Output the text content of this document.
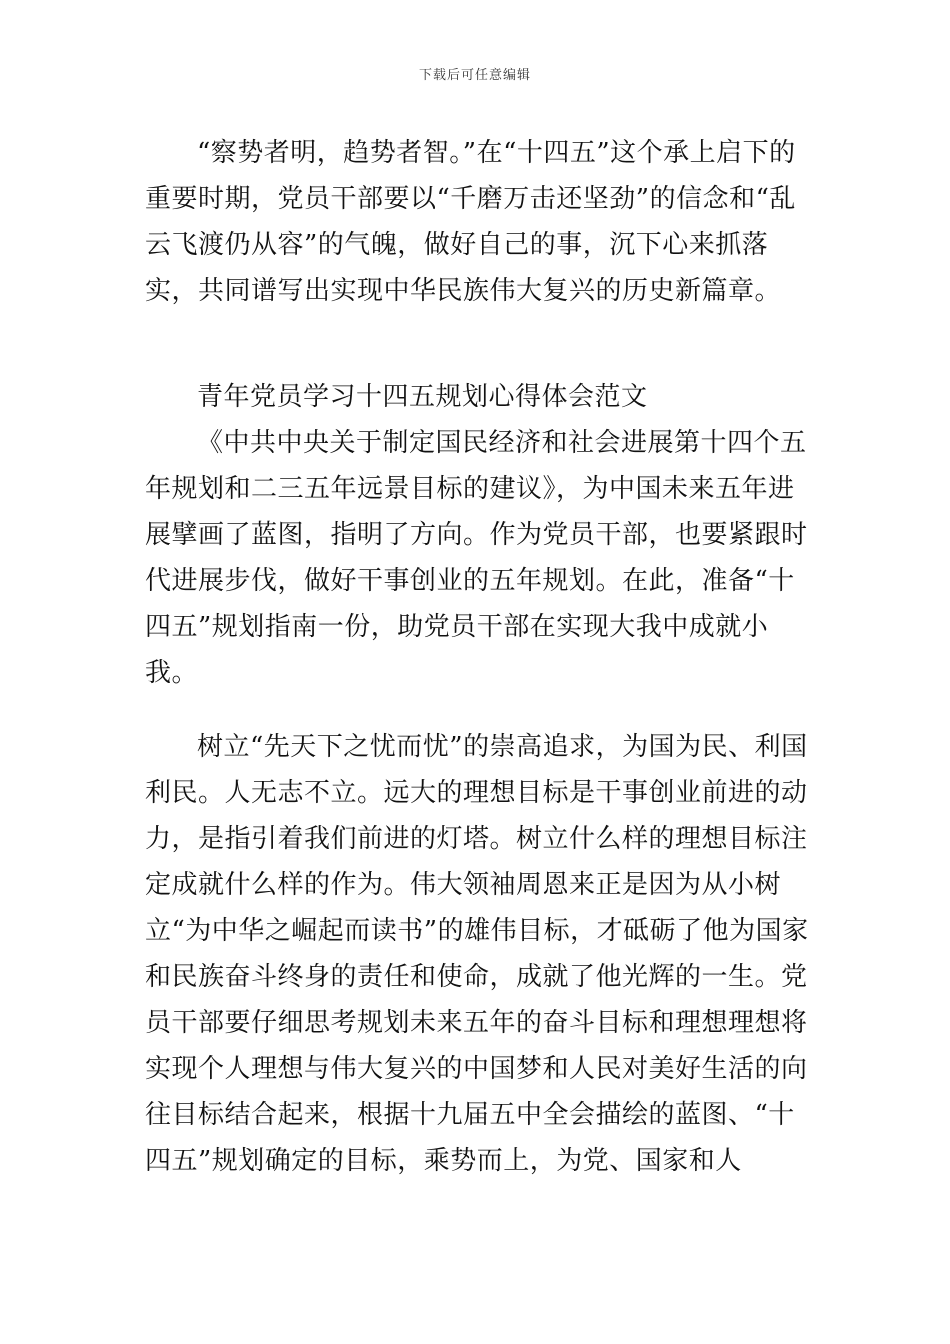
下载后可任意编辑

“察势者明，趋势者智。”在“十四五”这个承上启下的重要时期，党员干部要以“千磨万击还坚劲”的信念和“乱云飞渡仍从容”的气魄，做好自己的事，沉下心来抓落实，共同谱写出实现中华民族伟大复兴的历史新篇章。

青年党员学习十四五规划心得体会范文

《中共中央关于制定国民经济和社会进展第十四个五年规划和二三五年远景目标的建议》，为中国未来五年进展擘画了蓝图，指明了方向。作为党员干部，也要紧跟时代进展步伐，做好干事创业的五年规划。在此，准备“十四五”规划指南一份，助党员干部在实现大我中成就小我。

树立“先天下之忧而忧”的崇高追求，为国为民、利国利民。人无志不立。远大的理想目标是干事创业前进的动力，是指引着我们前进的灯塔。树立什么样的理想目标注定成就什么样的作为。伟大领袖周恩来正是因为从小树立“为中华之崛起而读书”的雄伟目标，才砥砺了他为国家和民族奋斗终身的责任和使命，成就了他光辉的一生。党员干部要仔细思考规划未来五年的奋斗目标和理想理想将实现个人理想与伟大复兴的中国梦和人民对美好生活的向往目标结合起来，根据十九届五中全会描绘的蓝图、“十四五”规划确定的目标，乘势而上，为党、国家和人
